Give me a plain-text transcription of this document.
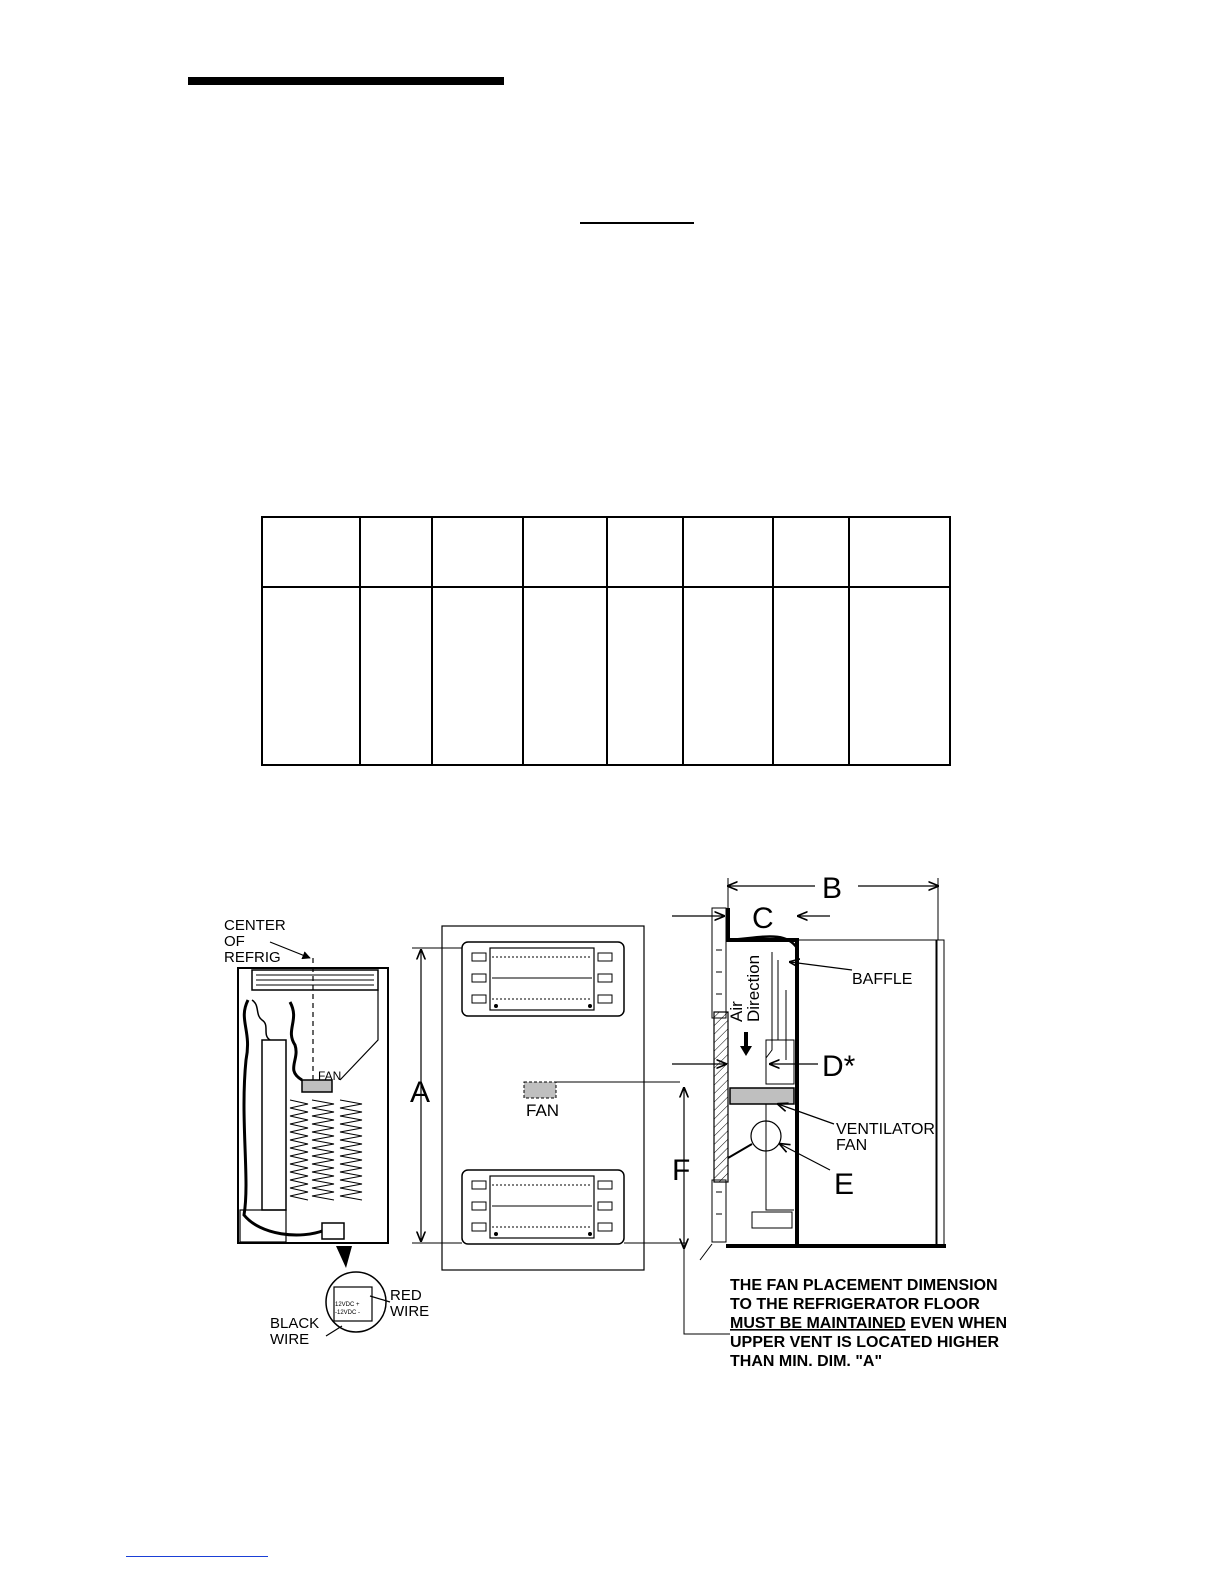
12VDC +
-12VDC -
CENTER
OF
REFRIG
FAN
BLACK
WIRE
RED
WIRE
FAN
A
F
B
C
Air
Direction
D*
BAFFLE
VENTILATOR
FAN
E
THE FAN PLACEMENT DIMENSION
TO THE REFRIGERATOR FLOOR
MUST BE MAINTAINED EVEN WHEN
UPPER VENT IS LOCATED HIGHER
THAN MIN. DIM. "A"
